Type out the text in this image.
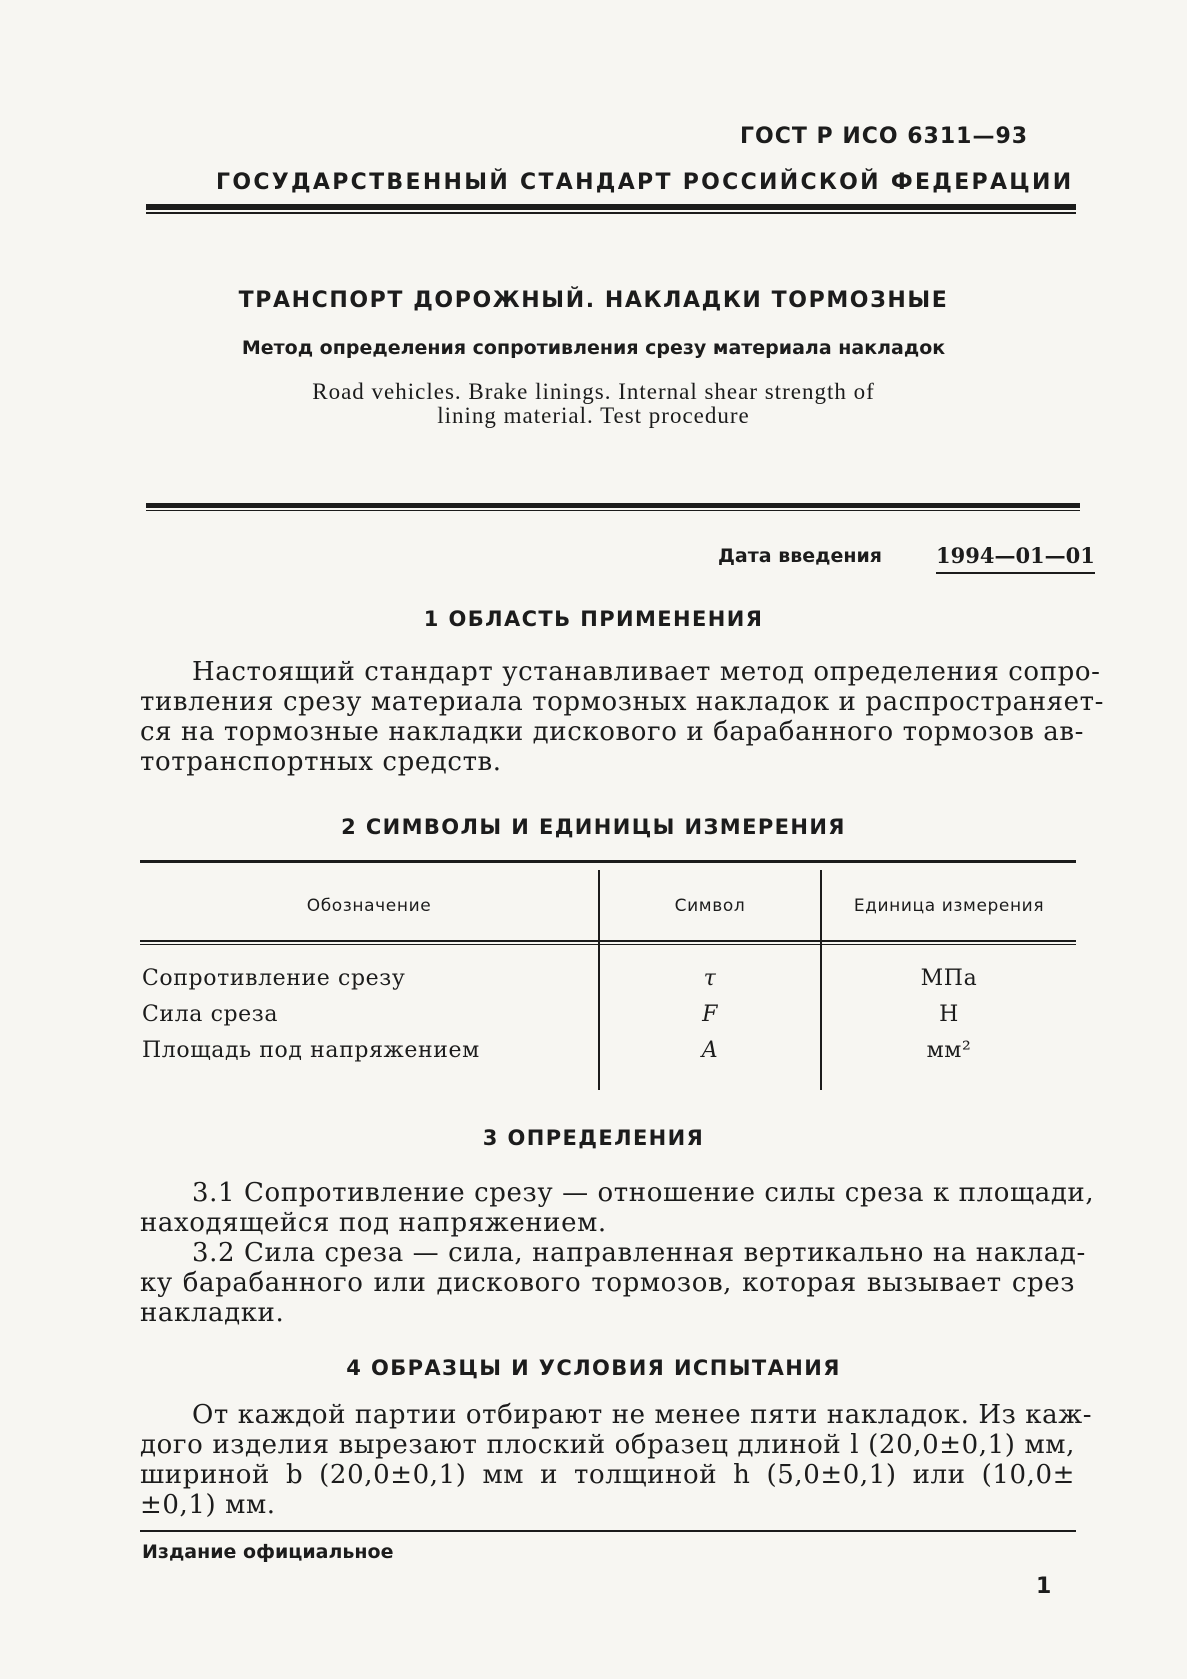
ГОСТ Р ИСО 6311—93
ГОСУДАРСТВЕННЫЙ СТАНДАРТ РОССИЙСКОЙ ФЕДЕРАЦИИ
ТРАНСПОРТ ДОРОЖНЫЙ. НАКЛАДКИ ТОРМОЗНЫЕ
Метод определения сопротивления срезу материала накладок
Road vehicles. Brake linings. Internal shear strength of
lining material. Test procedure
Дата введения	1994—01—01
1 ОБЛАСТЬ ПРИМЕНЕНИЯ
Настоящий стандарт устанавливает метод определения сопро-
тивления срезу материала тормозных накладок и распространяет-
ся на тормозные накладки дискового и барабанного тормозов ав-
тотранспортных средств.
2 СИМВОЛЫ И ЕДИНИЦЫ ИЗМЕРЕНИЯ
Обозначение	Символ	Единица измерения
Сопротивление срезу	τ	МПа
Сила среза	F	Н
Площадь под напряжением	A	мм²
3 ОПРЕДЕЛЕНИЯ
3.1 Сопротивление срезу — отношение силы среза к площади,
находящейся под напряжением.
3.2 Сила среза — сила, направленная вертикально на наклад-
ку барабанного или дискового тормозов, которая вызывает срез
накладки.
4 ОБРАЗЦЫ И УСЛОВИЯ ИСПЫТАНИЯ
От каждой партии отбирают не менее пяти накладок. Из каж-
дого изделия вырезают плоский образец длиной l (20,0±0,1) мм,
шириной b (20,0±0,1) мм и толщиной h (5,0±0,1) или (10,0±
±0,1) мм.
Издание официальное
1
